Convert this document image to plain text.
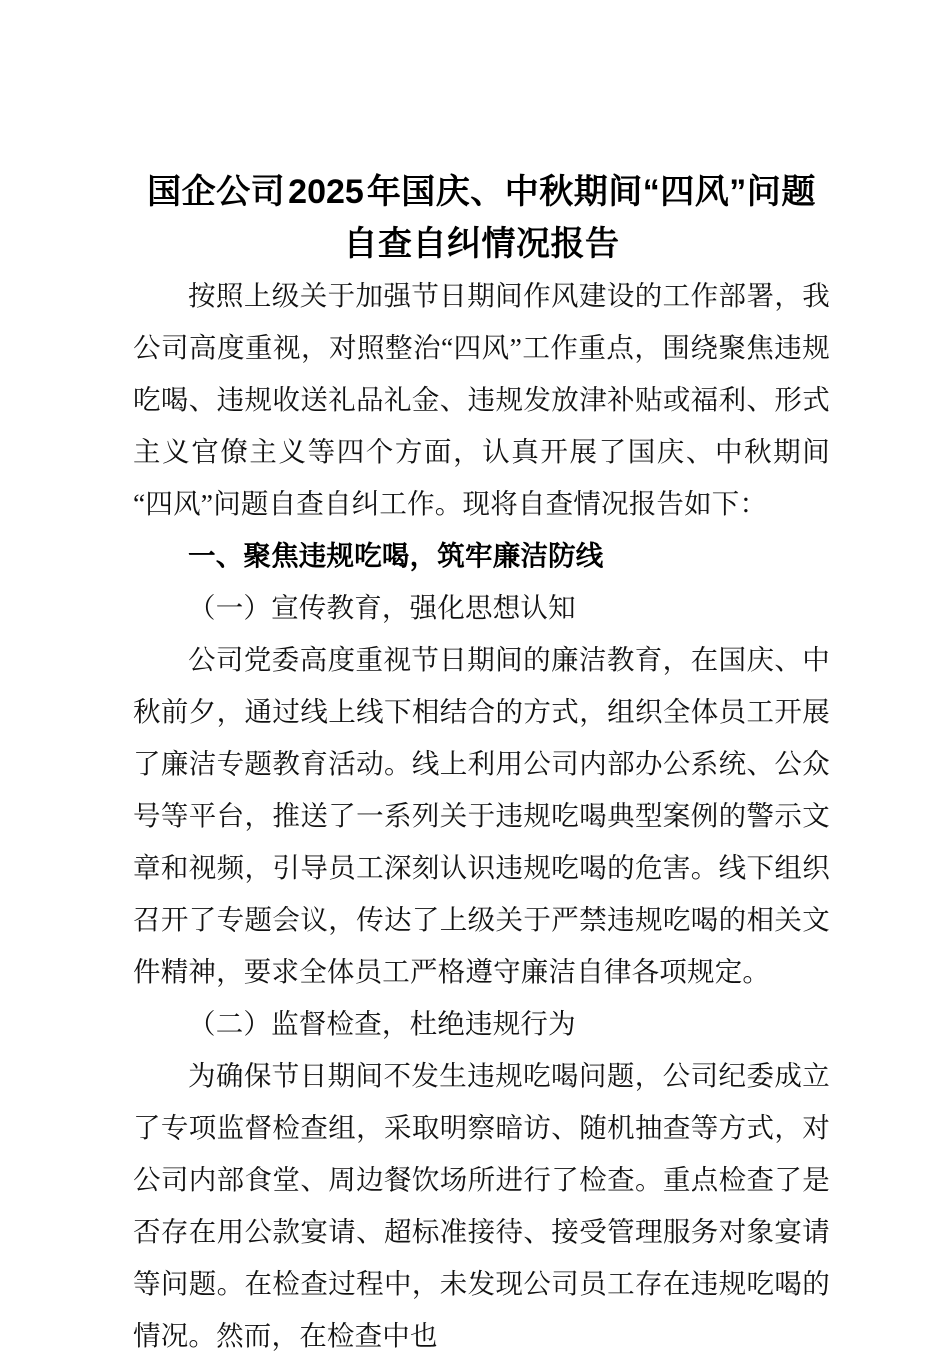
国企公司2025年国庆、中秋期间“四风”问题自查自纠情况报告

按照上级关于加强节日期间作风建设的工作部署，我公司高度重视，对照整治“四风”工作重点，围绕聚焦违规吃喝、违规收送礼品礼金、违规发放津补贴或福利、形式主义官僚主义等四个方面，认真开展了国庆、中秋期间“四风”问题自查自纠工作。现将自查情况报告如下：

一、聚焦违规吃喝，筑牢廉洁防线

（一）宣传教育，强化思想认知

公司党委高度重视节日期间的廉洁教育，在国庆、中秋前夕，通过线上线下相结合的方式，组织全体员工开展了廉洁专题教育活动。线上利用公司内部办公系统、公众号等平台，推送了一系列关于违规吃喝典型案例的警示文章和视频，引导员工深刻认识违规吃喝的危害。线下组织召开了专题会议，传达了上级关于严禁违规吃喝的相关文件精神，要求全体员工严格遵守廉洁自律各项规定。

（二）监督检查，杜绝违规行为

为确保节日期间不发生违规吃喝问题，公司纪委成立了专项监督检查组，采取明察暗访、随机抽查等方式，对公司内部食堂、周边餐饮场所进行了检查。重点检查了是否存在用公款宴请、超标准接待、接受管理服务对象宴请等问题。在检查过程中，未发现公司员工存在违规吃喝的情况。然而，在检查中也
